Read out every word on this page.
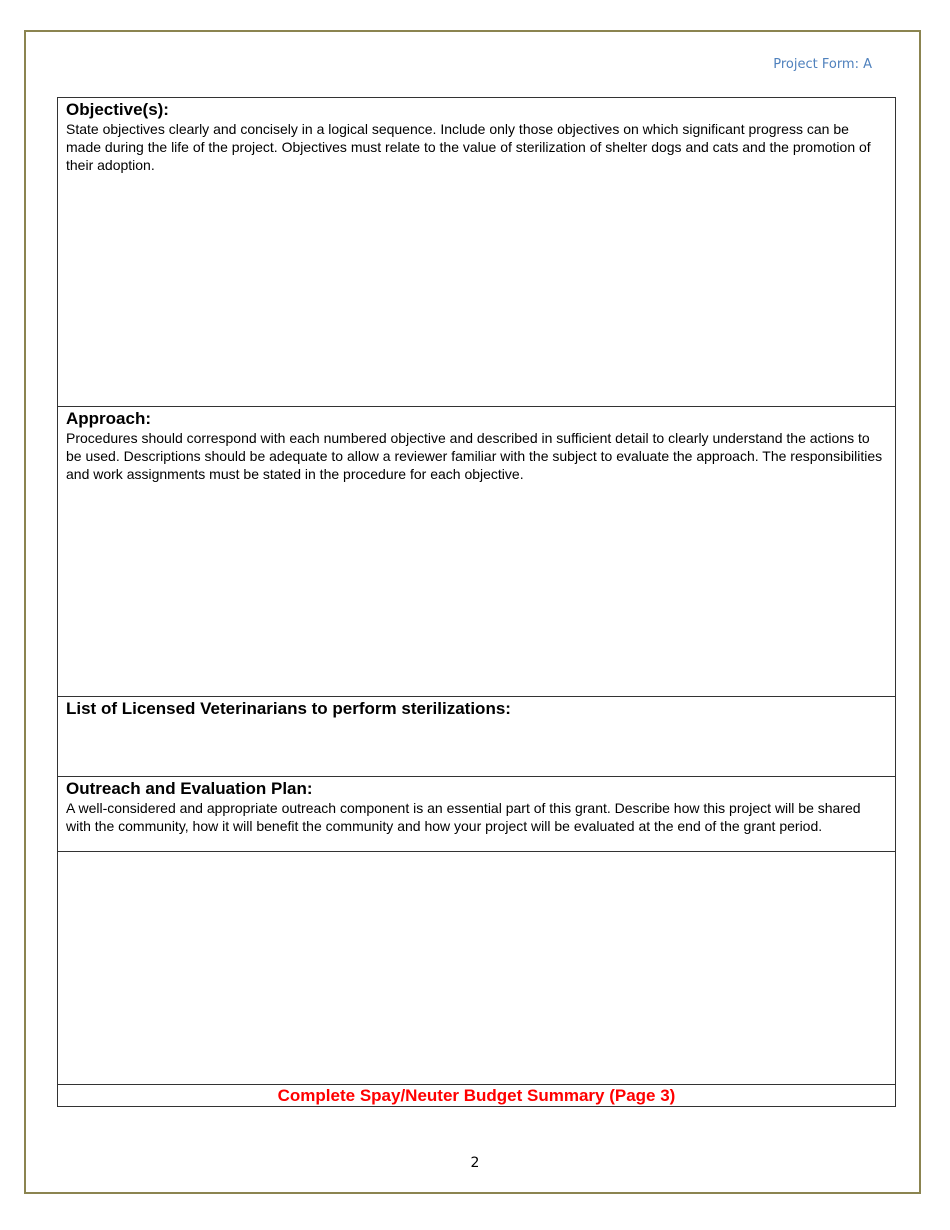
Project Form: A

Objective(s):

State objectives clearly and concisely in a logical sequence. Include only those objectives on which significant progress can be made during the life of the project. Objectives must relate to the value of sterilization of shelter dogs and cats and the promotion of their adoption.

Approach:

Procedures should correspond with each numbered objective and described in sufficient detail to clearly understand the actions to be used. Descriptions should be adequate to allow a reviewer familiar with the subject to evaluate the approach. The responsibilities and work assignments must be stated in the procedure for each objective.

List of Licensed Veterinarians to perform sterilizations:

Outreach and Evaluation Plan:

A well-considered and appropriate outreach component is an essential part of this grant. Describe how this project will be shared with the community, how it will benefit the community and how your project will be evaluated at the end of the grant period.

Complete Spay/Neuter Budget Summary (Page 3)
2
